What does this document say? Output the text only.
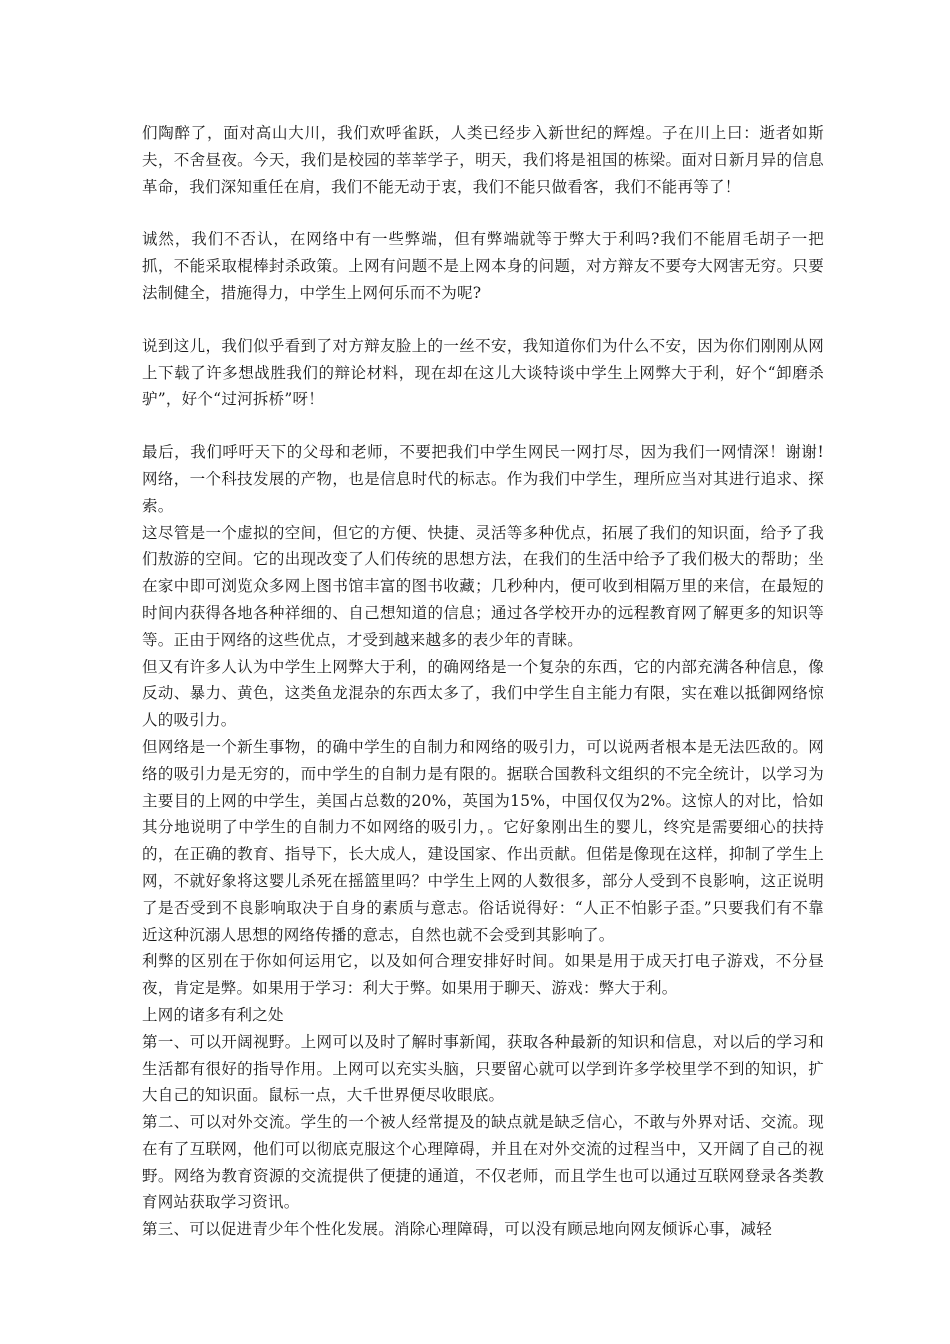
们陶醉了，面对高山大川，我们欢呼雀跃，人类已经步入新世纪的辉煌。子在川上曰：逝者如斯夫，不舍昼夜。今天，我们是校园的莘莘学子，明天，我们将是祖国的栋梁。面对日新月异的信息革命，我们深知重任在肩，我们不能无动于衷，我们不能只做看客，我们不能再等了！

诚然，我们不否认，在网络中有一些弊端，但有弊端就等于弊大于利吗?我们不能眉毛胡子一把抓，不能采取棍棒封杀政策。上网有问题不是上网本身的问题，对方辩友不要夸大网害无穷。只要法制健全，措施得力，中学生上网何乐而不为呢?

说到这儿，我们似乎看到了对方辩友脸上的一丝不安，我知道你们为什么不安，因为你们刚刚从网上下载了许多想战胜我们的辩论材料，现在却在这儿大谈特谈中学生上网弊大于利，好个“卸磨杀驴”，好个“过河拆桥”呀！

最后，我们呼吁天下的父母和老师，不要把我们中学生网民一网打尽，因为我们一网情深！谢谢!网络，一个科技发展的产物，也是信息时代的标志。作为我们中学生，理所应当对其进行追求、探索。

这尽管是一个虚拟的空间，但它的方便、快捷、灵活等多种优点，拓展了我们的知识面，给予了我们敖游的空间。它的出现改变了人们传统的思想方法，在我们的生活中给予了我们极大的帮助；坐在家中即可浏览众多网上图书馆丰富的图书收藏；几秒种内，便可收到相隔万里的来信，在最短的时间内获得各地各种祥细的、自己想知道的信息；通过各学校开办的远程教育网了解更多的知识等等。正由于网络的这些优点，才受到越来越多的表少年的青睐。

但又有许多人认为中学生上网弊大于利，的确网络是一个复杂的东西，它的内部充满各种信息，像反动、暴力、黄色，这类鱼龙混杂的东西太多了，我们中学生自主能力有限，实在难以抵御网络惊人的吸引力。

但网络是一个新生事物，的确中学生的自制力和网络的吸引力，可以说两者根本是无法匹敌的。网络的吸引力是无穷的，而中学生的自制力是有限的。据联合国教科文组织的不完全统计，以学习为主要目的上网的中学生，美国占总数的20%，英国为15%，中国仅仅为2%。这惊人的对比，恰如其分地说明了中学生的自制力不如网络的吸引力，。它好象刚出生的婴儿，终究是需要细心的扶持的，在正确的教育、指导下，长大成人，建设国家、作出贡献。但偌是像现在这样，抑制了学生上网，不就好象将这婴儿杀死在摇篮里吗？中学生上网的人数很多，部分人受到不良影响，这正说明了是否受到不良影响取决于自身的素质与意志。俗话说得好：“人正不怕影子歪。”只要我们有不靠近这种沉溺人思想的网络传播的意志，自然也就不会受到其影响了。

利弊的区别在于你如何运用它，以及如何合理安排好时间。如果是用于成天打电子游戏，不分昼夜，肯定是弊。如果用于学习：利大于弊。如果用于聊天、游戏：弊大于利。

上网的诸多有利之处

第一、可以开阔视野。上网可以及时了解时事新闻，获取各种最新的知识和信息，对以后的学习和生活都有很好的指导作用。上网可以充实头脑，只要留心就可以学到许多学校里学不到的知识，扩大自己的知识面。鼠标一点，大千世界便尽收眼底。

第二、可以对外交流。学生的一个被人经常提及的缺点就是缺乏信心，不敢与外界对话、交流。现在有了互联网，他们可以彻底克服这个心理障碍，并且在对外交流的过程当中，又开阔了自己的视野。网络为教育资源的交流提供了便捷的通道，不仅老师，而且学生也可以通过互联网登录各类教育网站获取学习资讯。

第三、可以促进青少年个性化发展。消除心理障碍，可以没有顾忌地向网友倾诉心事，减轻
